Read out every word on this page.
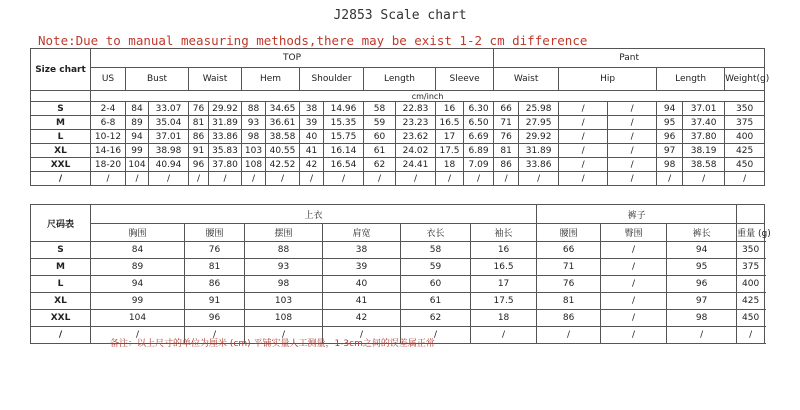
J2853 Scale chart
Note:Due to manual measuring methods,there may be exist 1-2 cm difference
Size chart	TOP													Pant						
	US	Bust		Waist		Hem		Shoulder		Length		Sleeve		Waist		Hip		Length		Weight(g)
	cm/inch																			
S	2-4	84	33.07	76	29.92	88	34.65	38	14.96	58	22.83	16	6.30	66	25.98	/	/	94	37.01	350
M	6-8	89	35.04	81	31.89	93	36.61	39	15.35	59	23.23	16.5	6.50	71	27.95	/	/	95	37.40	375
L	10-12	94	37.01	86	33.86	98	38.58	40	15.75	60	23.62	17	6.69	76	29.92	/	/	96	37.80	400
XL	14-16	99	38.98	91	35.83	103	40.55	41	16.14	61	24.02	17.5	6.89	81	31.89	/	/	97	38.19	425
XXL	18-20	104	40.94	96	37.80	108	42.52	42	16.54	62	24.41	18	7.09	86	33.86	/	/	98	38.58	450
/	/	/	/	/	/	/	/	/	/	/	/	/	/	/	/	/	/	/	/	/
尺码表	上衣						裤子			
	胸围	腰围	摆围	肩宽	衣长	袖长	腰围	臀围	裤长	重量 (g)
S	84	76	88	38	58	16	66	/	94	350
M	89	81	93	39	59	16.5	71	/	95	375
L	94	86	98	40	60	17	76	/	96	400
XL	99	91	103	41	61	17.5	81	/	97	425
XXL	104	96	108	42	62	18	86	/	98	450
/	/	/	/	/	/	/	/	/	/	/
备注：以上尺寸的单位为厘米 (cm) 平铺实量人工测量，1-3cm之间的误差属正常
